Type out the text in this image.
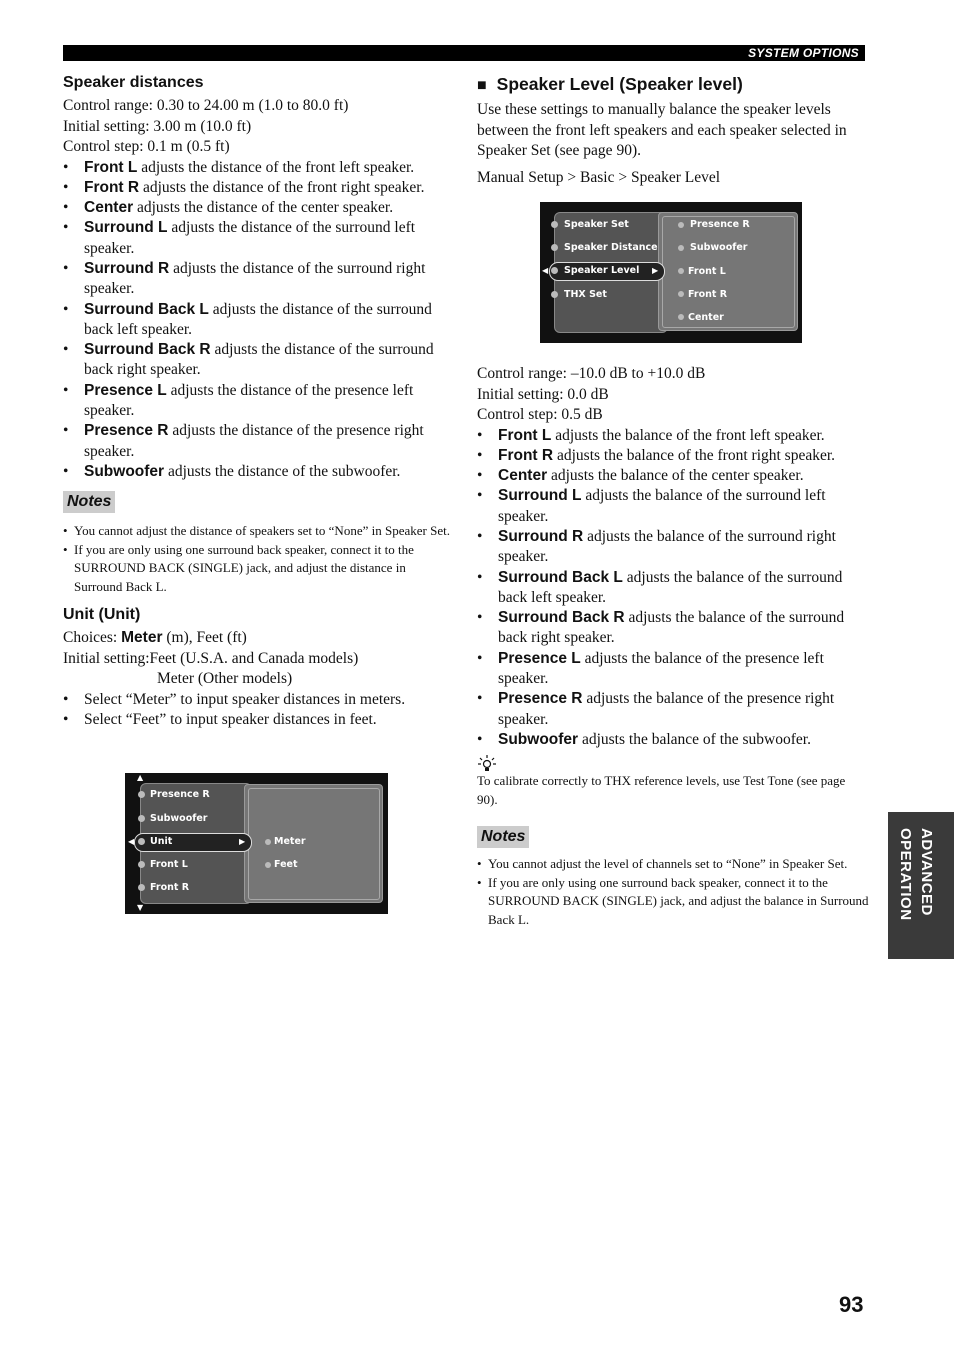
SYSTEM OPTIONS
Speaker distances

Control range: 0.30 to 24.00 m (1.0 to 80.0 ft)

Initial setting: 3.00 m (10.0 ft)

Control step: 0.1 m (0.5 ft)

• Front L adjusts the distance of the front left speaker.
• Front R adjusts the distance of the front right speaker.
• Center adjusts the distance of the center speaker.
• Surround L adjusts the distance of the surround left speaker.
• Surround R adjusts the distance of the surround right speaker.
• Surround Back L adjusts the distance of the surround back left speaker.
• Surround Back R adjusts the distance of the surround back right speaker.
• Presence L adjusts the distance of the presence left speaker.
• Presence R adjusts the distance of the presence right speaker.
• Subwoofer adjusts the distance of the subwoofer.
Notes
• You cannot adjust the distance of speakers set to “None” in Speaker Set.
• If you are only using one surround back speaker, connect it to the SURROUND BACK (SINGLE) jack, and adjust the distance in Surround Back L.
Unit (Unit)

Choices: Meter (m), Feet (ft)

Initial setting:Feet (U.S.A. and Canada models)

Meter (Other models)

• Select “Meter” to input speaker distances in meters.
• Select “Feet” to input speaker distances in feet.
▲
▼
◀	▶
Presence R
Subwoofer
Unit
Front L
Front R
Meter
Feet
■ Speaker Level (Speaker level)

Use these settings to manually balance the speaker levels between the front left speakers and each speaker selected in Speaker Set (see page 90).

Manual Setup > Basic > Speaker Level

Control range: –10.0 dB to +10.0 dB

Initial setting: 0.0 dB

Control step: 0.5 dB

• Front L adjusts the balance of the front left speaker.
• Front R adjusts the balance of the front right speaker.
• Center adjusts the balance of the center speaker.
• Surround L adjusts the balance of the surround left speaker.
• Surround R adjusts the balance of the surround right speaker.
• Surround Back L adjusts the balance of the surround back left speaker.
• Surround Back R adjusts the balance of the surround back right speaker.
• Presence L adjusts the balance of the presence left speaker.
• Presence R adjusts the balance of the presence right speaker.
• Subwoofer adjusts the balance of the subwoofer.

To calibrate correctly to THX reference levels, use Test Tone (see page 90).

Notes
• You cannot adjust the level of channels set to “None” in Speaker Set.
• If you are only using one surround back speaker, connect it to the SURROUND BACK (SINGLE) jack, and adjust the balance in Surround Back L.
◀	▶
Speaker Set
Speaker Distance
Speaker Level
THX Set
Presence R
Subwoofer
Front L
Front R
Center
ADVANCED
OPERATION
93
